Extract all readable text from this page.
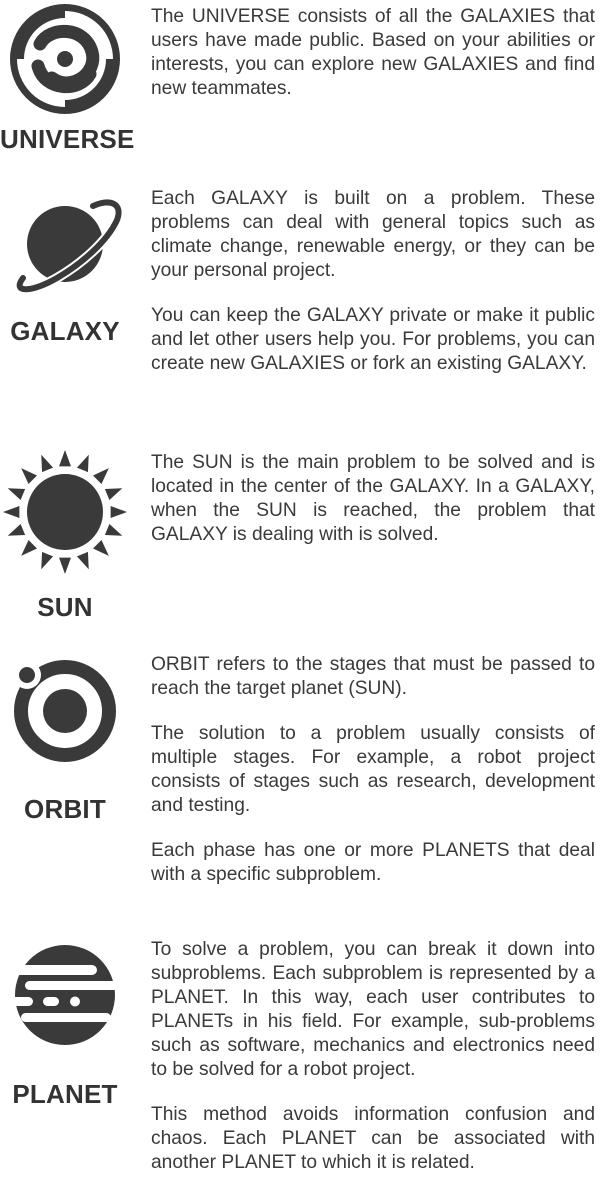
UNIVERSE

The UNIVERSE consists of all the GALAXIES that users have made public. Based on your abilities or interests, you can explore new GALAXIES and find new teammates.

GALAXY

Each GALAXY is built on a problem. These problems can deal with general topics such as climate change, renewable energy, or they can be your personal project.

You can keep the GALAXY private or make it public and let other users help you. For problems, you can create new GALAXIES or fork an existing GALAXY.

SUN

The SUN is the main problem to be solved and is located in the center of the GALAXY. In a GALAXY, when the SUN is reached, the problem that GALAXY is dealing with is solved.

ORBIT

ORBIT refers to the stages that must be passed to reach the target planet (SUN).

The solution to a problem usually consists of multiple stages. For example, a robot project consists of stages such as research, development and testing.

Each phase has one or more PLANETS that deal with a specific subproblem.

PLANET

To solve a problem, you can break it down into subproblems. Each subproblem is represented by a PLANET. In this way, each user contributes to PLANETs in his field. For example, sub-problems such as software, mechanics and electronics need to be solved for a robot project.

This method avoids information confusion and chaos. Each PLANET can be associated with another PLANET to which it is related.
